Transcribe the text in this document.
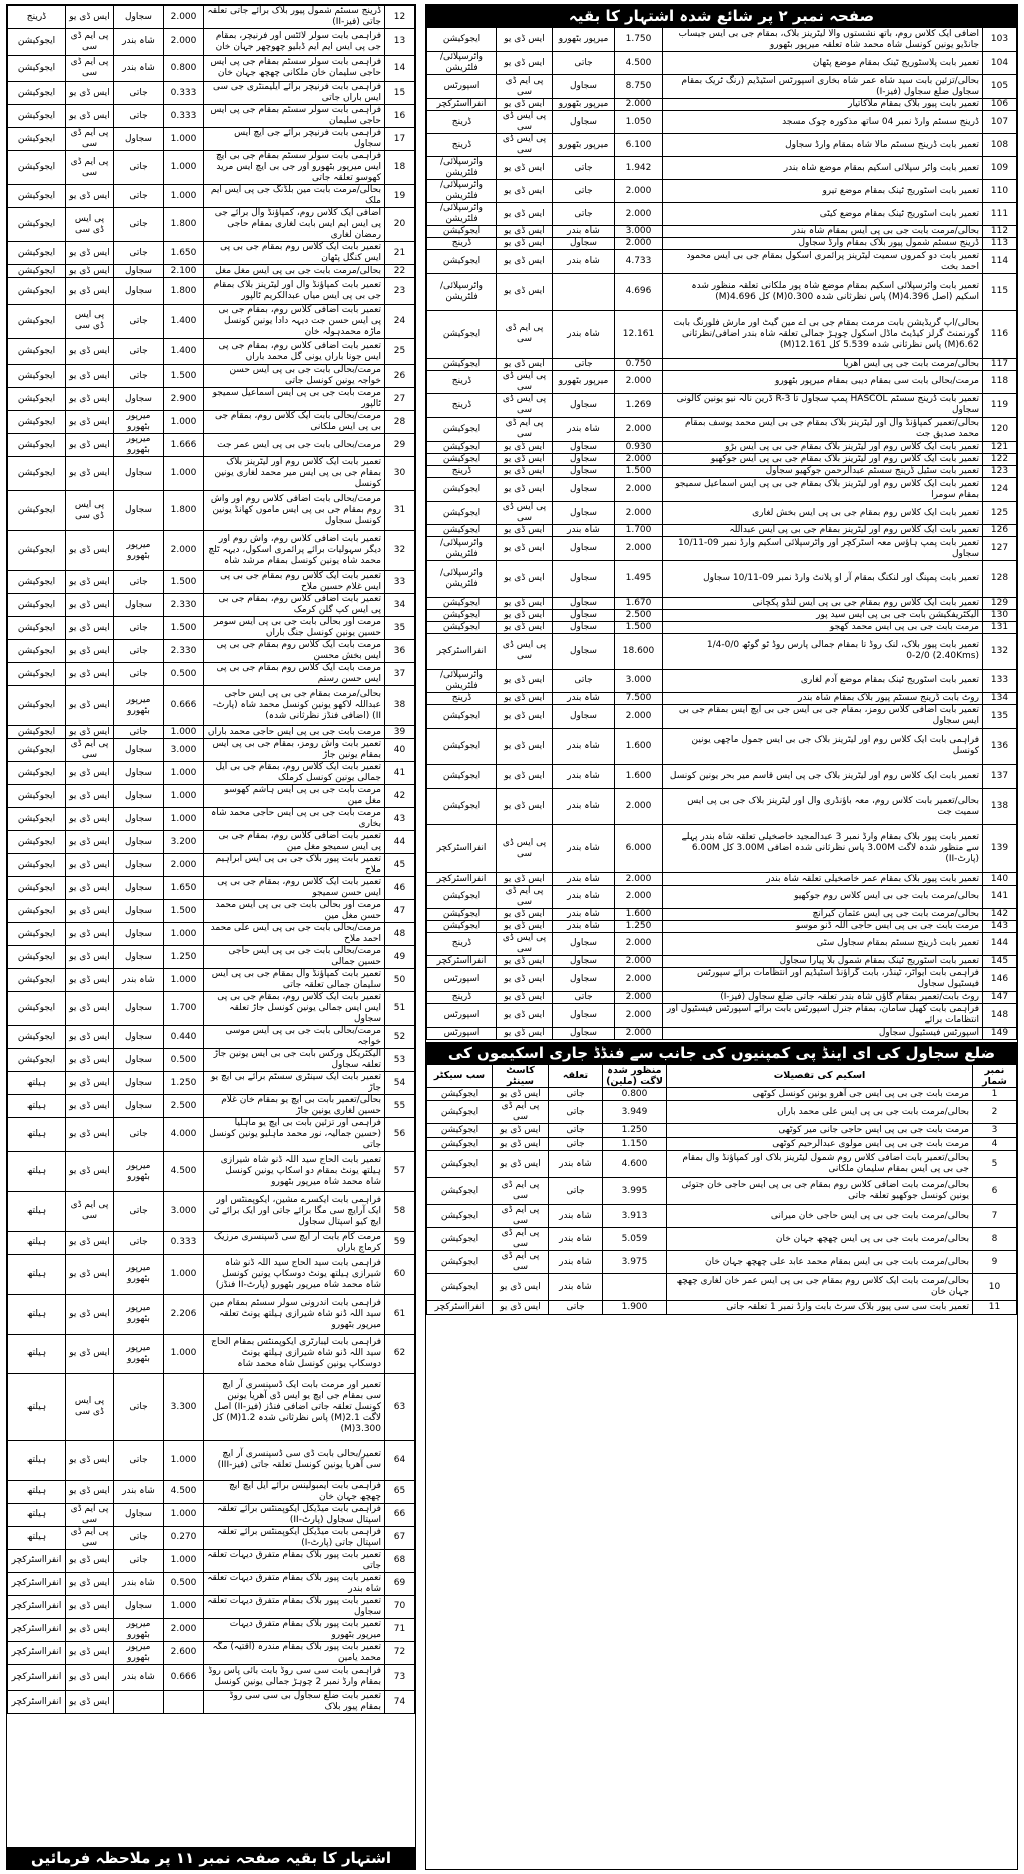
صفحہ نمبر ۲ پر شائع شدہ اشتہار کا بقیہ
103	اضافی ایک کلاس روم، باتھ نشستوں والا لیٹرینز بلاک، بمقام جی بی ایس جیساب جانڈیو یونین کونسل شاہ محمد شاہ تعلقہ میرپور بٹھورو	1.750	میرپور بٹھورو	ایس ڈی یو	ایجوکیشن
104	تعمیر بابت پلاسٹوریج ٹینک بمقام موضع پٹھان	4.500	جاتی	ایس ڈی یو	واٹرسپلائی/فلٹریشن
105	بحالی/تزئین بابت سید شاہ عمر شاہ بخاری اسپورٹس اسٹیڈیم (رنگ ٹریک بمقام سجاول ضلع سجاول (فیز-I)	8.750	سجاول	پی ایم ڈی سی	اسپورٹس
106	تعمیر بابت پیور بلاک بمقام ملاکاتیار	2.000	میرپور بٹھورو	ایس ڈی یو	انفرااسٹرکچر
107	ڈرینج سسٹم وارڈ نمبر 04 ساتھ مذکورہ چوک مسجد	1.050	سجاول	پی ایس ڈی سی	ڈرینج
108	تعمیر بابت ڈرینج سسٹم مالا شاہ بمقام وارڈ سجاول	6.100	میرپور بٹھورو	پی ایس ڈی سی	ڈرینج
109	تعمیر بابت واٹر سپلائی اسکیم بمقام موضع شاہ بندر	1.942	جاتی	ایس ڈی یو	واٹرسپلائی/فلٹریشن
110	تعمیر بابت اسٹوریج ٹینک بمقام موضع تیرو	2.000	جاتی	ایس ڈی یو	واٹرسپلائی/فلٹریشن
111	تعمیر بابت اسٹوریج ٹینک بمقام موضع کیٹی	2.000	جاتی	ایس ڈی یو	واٹرسپلائی/فلٹریشن
112	بحالی/مرمت بابت جی بی پی ایس بمقام شاہ بندر	3.000	شاہ بندر	ایس ڈی یو	ایجوکیشن
113	ڈرینج سسٹم شمول پیور بلاک بمقام وارڈ سجاول	2.000	سجاول	ایس ڈی یو	ڈرینج
114	تعمیر بابت دو کمروں سمیت لیٹرینز پرائمری اسکول بمقام جی بی ایس محمود احمد بخت	4.733	شاہ بندر	ایس ڈی یو	ایجوکیشن
115	تعمیر بابت واٹرسپلائی اسکیم بمقام موضع شاہ پور ملکانی تعلقہ منظور شدہ اسکیم (اصل 4.396(M) پاس نظرثانی شدہ 0.300(M) کل 4.696(M)	4.696		ایس ڈی یو	واٹرسپلائی/فلٹریشن
116	بحالی/اپ گریڈیشن بابت مرمت بمقام جی بی اے مین گیٹ اور مارش فلورنگ بابت گورنمنٹ گرلز کیڈیٹ ماڈل اسکول چوہڑ جمالی تعلقہ شاہ بندر اضافی/نظرثانی 6.62(M) پاس نظرثانی شدہ 5.539 کل 12.161(M)	12.161	شاہ بندر	پی ایم ڈی سی	ایجوکیشن
117	بحالی/مرمت بابت جی پی ایس آھریا	0.750	جاتی	ایس ڈی یو	ایجوکیشن
118	مرمت/بحالی بابت سی بمقام دیبی بمقام میرپور بٹھورو	2.000	میرپور بٹھورو	پی ایس ڈی سی	ڈرینج
119	تعمیر بابت ڈرینج سسٹم HASCOL پمپ سجاول تا R-3 ڈرین نالہ نیو یونین کالونی سجاول	1.269	سجاول	پی ایس ڈی سی	ڈرینج
120	بحالی/تعمیر کمپاؤنڈ وال اور لیٹرینز بلاک بمقام جی بی ایس محمد یوسف بمقام محمد صدیق جت	2.000	شاہ بندر	پی ایم ڈی سی	ایجوکیشن
121	تعمیر بابت ایک کلاس روم اور لیٹرینز بلاک بمقام جی بی پی ایس بڑو	0.930	سجاول	ایس ڈی یو	ایجوکیشن
122	تعمیر بابت ایک کلاس روم اور لیٹرینز بلاک بمقام جی بی پی ایس جوکھیو	2.000	سجاول	ایس ڈی یو	ایجوکیشن
123	تعمیر بابت سٹیل ڈرینج سسٹم عبدالرحمن جوکھیو سجاول	1.500	سجاول	ایس ڈی یو	ڈرینج
124	تعمیر بابت ایک کلاس روم اور لیٹرینز بلاک بمقام جی بی پی ایس اسماعیل سمیجو بمقام سومرا	2.000	سجاول	ایس ڈی یو	ایجوکیشن
125	تعمیر بابت ایک کلاس روم بمقام جی بی پی ایس بخش لغاری	2.000	سجاول	پی ایس ڈی سی	ایجوکیشن
126	تعمیر بابت ایک کلاس روم اور لیٹرینز بمقام جی بی پی ایس عبداللہ	1.700	شاہ بندر	ایس ڈی یو	ایجوکیشن
127	تعمیر بابت پمپ ہاؤس معہ اسٹرکچر اور واٹرسپلائی اسکیم وارڈ نمبر 09-10/11 سجاول	2.000	سجاول	ایس ڈی یو	واٹرسپلائی/فلٹریشن
128	تعمیر بابت پمپنگ اور لنکنگ بمقام آر او پلانٹ وارڈ نمبر 09-10/11 سجاول	1.495	سجاول	ایس ڈی یو	واٹرسپلائی/فلٹریشن
129	تعمیر بابت ایک کلاس روم بمقام جی بی پی ایس لنڈو پکچانی	1.670	سجاول	ایس ڈی یو	ایجوکیشن
130	الیکٹریفکیشن بابت جی بی پی ایس سید پور	2.500	سجاول	ایس ڈی یو	ایجوکیشن
131	مرمت بابت جی بی پی ایس محمد کھجو	1.500	سجاول	ایس ڈی یو	ایجوکیشن
132	تعمیر بابت پیور بلاک، لنک روڈ تا بمقام جمالی پارس روڈ ٹو گوٹھ 0/0-1/4 (2.40Kms) 0-2/0	18.600	سجاول	پی ایس ڈی سی	انفرااسٹرکچر
133	تعمیر بابت اسٹوریج ٹینک بمقام موضع آدم لغاری	3.000	جاتی	ایس ڈی یو	واٹرسپلائی/فلٹریشن
134	روٹ بابت ڈرینج سسٹم پیور بلاک بمقام شاہ بندر	7.500	شاہ بندر	ایس ڈی یو	ڈرینج
135	تعمیر بابت اضافی کلاس رومز، بمقام جی بی ایس جی بی ایچ ایس بمقام جی بی ایس سجاول	2.000	سجاول	ایس ڈی یو	ایجوکیشن
136	فراہمی بابت ایک کلاس روم اور لیٹرینز بلاک جی بی ایس جمول ماچھی یونین کونسل	1.600	شاہ بندر	ایس ڈی یو	ایجوکیشن
137	تعمیر بابت ایک کلاس روم اور لیٹرینز بلاک جی پی ایس قاسم میر بحر یونین کونسل	1.600	شاہ بندر	ایس ڈی یو	ایجوکیشن
138	بحالی/تعمیر بابت کلاس روم، معہ باؤنڈری وال اور لیٹرینز بلاک جی بی پی ایس سمیت جت	2.000	شاہ بندر	ایس ڈی یو	ایجوکیشن
139	تعمیر بابت پیور بلاک بمقام وارڈ نمبر 3 عبدالمجید خاصخیلی تعلقہ شاہ بندر پہلے سے منظور شدہ لاگت 3.00M پاس نظرثانی شدہ اضافی 3.00M کل 6.00M (پارٹ-II)	6.000	شاہ بندر	پی ایس ڈی سی	انفرااسٹرکچر
140	تعمیر بابت پیور بلاک بمقام عمر خاصخیلی تعلقہ شاہ بندر	2.000	شاہ بندر	ایس ڈی یو	انفرااسٹرکچر
141	بحالی/مرمت بابت جی بی ایس کلاس روم جوکھیو	2.000	شاہ بندر	پی ایم ڈی سی	ایجوکیشن
142	بحالی/مرمت بابت جی پی ایس عثمان کیرانچ	1.600	شاہ بندر	ایس ڈی یو	ایجوکیشن
143	مرمت بابت جی بی پی ایس حاجی اللہ ڈنو موسو	1.250	شاہ بندر	ایس ڈی یو	ایجوکیشن
144	تعمیر بابت ڈرینج سسٹم بمقام سجاول سٹی	2.000	سجاول	پی ایس ڈی سی	ڈرینج
145	تعمیر بابت اسٹوریج ٹینک بمقام شمول بلا پیارا سجاول	2.000	سجاول	ایس ڈی یو	انفرااسٹرکچر
146	فراہمی بابت ایواٹر، ٹینڈر، بابت گراؤنڈ اسٹیڈیم اور انتظامات برائے سپورٹس فیسٹیول سجاول	2.000	سجاول	ایس ڈی یو	اسپورٹس
147	روٹ بابت/تعمیر بمقام گاؤں شاہ بندر تعلقہ جاتی ضلع سجاول (فیز-I)	2.000	جاتی	ایس ڈی یو	ڈرینج
148	فراہمی بابت کھیل سامان، بمقام جنرل اسپورٹس بابت برائے اسپورٹس فیسٹیول اور انتظامات برائے	2.000	سجاول	ایس ڈی یو	اسپورٹس
149	اسپورٹس فیسٹیول سجاول	2.000	سجاول	ایس ڈی یو	اسپورٹس
ضلع سجاول کی ای اینڈ پی کمپنیوں کی جانب سے فنڈڈ جاری اسکیموں کی تفصیلات	نمبر شمار	اسکیم کی تفصیلات	منظور شدہ لاگت (ملین)	تعلقہ	کاسٹ سینٹر	سب سیکٹر
1	مرمت بابت جی بی پی ایس جی آھرو یونین کونسل کوٹھی	0.800	جاتی	ایس ڈی یو	ایجوکیشن
2	بحالی/مرمت بابت جی بی پی ایس علی محمد باراں	3.949	جاتی	پی ایم ڈی سی	ایجوکیشن
3	مرمت بابت جی بی پی ایس حاجی جانی میر کوٹھی	1.250	جاتی	ایس ڈی یو	ایجوکیشن
4	مرمت بابت جی بی پی ایس مولوی عبدالرحیم کوٹھی	1.150	جاتی	ایس ڈی یو	ایجوکیشن
5	بحالی/تعمیر بابت اضافی کلاس روم شمول لیٹرینز بلاک اور کمپاؤنڈ وال بمقام جی بی پی ایس بمقام سلیمان ملکانی	4.600	شاہ بندر	ایس ڈی یو	ایجوکیشن
6	بحالی/مرمت بابت اضافی کلاس روم بمقام جی بی پی ایس حاجی خان جتوئی یونین کونسل جوکھیو تعلقہ جاتی	3.995	جاتی	پی ایم ڈی سی	ایجوکیشن
7	بحالی/مرمت بابت جی بی پی ایس حاجی خان میرانی	3.913	شاہ بندر	پی ایم ڈی سی	ایجوکیشن
8	بحالی/مرمت بابت جی بی پی ایس چھچھ جہان خان	5.059	شاہ بندر	پی ایم ڈی سی	ایجوکیشن
9	بحالی/مرمت بابت جی بی ایس بمقام محمد عابد علی چھچھ جہان خان	3.975	شاہ بندر	پی ایم ڈی سی	ایجوکیشن
10	بحالی/مرمت بابت ایک کلاس روم بمقام جی بی پی ایس عمر خان لغاری چھچھ جہان خان		شاہ بندر	ایس ڈی یو	ایجوکیشن
11	تعمیر بابت سی سی پیور بلاک سرٹ بابت وارڈ نمبر 1 تعلقہ جاتی	1.900	جاتی	ایس ڈی یو	انفرااسٹرکچر
12	ڈرینج سسٹم شمول پیور بلاک برائے جاتی تعلقہ جاتی (فیز-II)	2.000	سجاول	ایس ڈی یو	ڈرینج
13	فراہمی بابت سولر لائٹس اور فرنیچر، بمقام جی پی ایس ایم ایم ڈبلیو چھوچھر جہان خان	2.000	شاہ بندر	پی ایم ڈی سی	ایجوکیشن
14	فراہمی بابت سولر سسٹم بمقام جی پی ایس حاجی سلیمان خان ملکانی چھچھ جہان خان	0.800	شاہ بندر	پی ایم ڈی سی	ایجوکیشن
15	فراہمی بابت فرنیچر برائے ایلیمنٹری جی سی ایس باراں جاتی	0.333	جاتی	ایس ڈی یو	ایجوکیشن
16	فراہمی بابت سولر سسٹم بمقام جی پی ایس حاجی سلیمان	0.333	جاتی	ایس ڈی یو	ایجوکیشن
17	فراہمی بابت فرنیچر برائے جی ایچ ایس سجاول	1.000	سجاول	پی ایم ڈی سی	ایجوکیشن
18	فراہمی بابت سولر سسٹم بمقام جی بی ایچ ایس میرپور بٹھورو اور جی بی ایچ ایس مرید کھوسو تعلقہ جاتی	1.000	جاتی	پی ایم ڈی سی	ایجوکیشن
19	بحالی/مرمت بابت مین بلڈنگ جی پی ایس ایم ملک	1.000	جاتی	ایس ڈی یو	ایجوکیشن
20	اضافی ایک کلاس روم، کمپاؤنڈ وال برائے جی پی ایس ایم ایس بابت لغاری بمقام حاجی رمضان لغاری	1.800	جاتی	پی ایس ڈی سی	ایجوکیشن
21	تعمیر بابت ایک کلاس روم بمقام جی بی پی ایس کنگل پٹھان	1.650	جاتی	ایس ڈی یو	ایجوکیشن
22	بحالی/مرمت بابت جی بی پی ایس مغل مغل	2.100	سجاول	ایس ڈی یو	ایجوکیشن
23	تعمیر بابت کمپاؤنڈ وال اور لیٹرینز بلاک بمقام جی بی پی ایس میاں عبدالکریم ٹالپور	1.800	سجاول	ایس ڈی یو	ایجوکیشن
24	تعمیر بابت اضافی کلاس روم، بمقام جی بی پی ایس حسن جت دیہہ دادا یونین کونسل ماڑہ محمدہولہ خان	1.400	جاتی	پی ایس ڈی سی	ایجوکیشن
25	تعمیر بابت اضافی کلاس روم، بمقام جی پی ایس جونا باراں یونی گل محمد باراں	1.400	جاتی	ایس ڈی یو	ایجوکیشن
26	مرمت/بحالی بابت جی بی پی ایس حسن خواجہ یونین کونسل جاتی	1.500	جاتی	ایس ڈی یو	ایجوکیشن
27	مرمت بابت جی بی پی ایس اسماعیل سمیجو ٹالپور	2.900	سجاول	ایس ڈی یو	ایجوکیشن
28	مرمت/بحالی بابت ایک کلاس روم، بمقام جی بی پی ایس ملکانی	1.000	میرپور بٹھورو	ایس ڈی یو	ایجوکیشن
29	مرمت/بحالی بابت جی بی پی ایس عمر جت	1.666	میرپور بٹھورو	ایس ڈی یو	ایجوکیشن
30	تعمیر بابت ایک کلاس روم اور لیٹرینز بلاک بمقام جی بی پی ایس میر محمد لغاری یونین کونسل	1.000	سجاول	ایس ڈی یو	ایجوکیشن
31	مرمت/بحالی بابت اضافی کلاس روم اور واش روم بمقام جی بی پی ایس ماموں کھانڈ یونین کونسل سجاول	1.800	سجاول	پی ایس ڈی سی	ایجوکیشن
32	تعمیر بابت اضافی کلاس روم، واش روم اور دیگر سہولیات برائے پرائمری اسکول، دیہہ ٹلچ محمد شاہ یونین کونسل بمقام مرشد شاہ	2.000	میرپور بٹھورو	ایس ڈی یو	ایجوکیشن
33	تعمیر بابت ایک کلاس روم بمقام جی بی پی ایس غلام حسین ملاح	1.500	جاتی	ایس ڈی یو	ایجوکیشن
34	تعمیر بابت اضافی کلاس روم، بمقام جی بی پی ایس کپ گلن کرمک	2.330	سجاول	ایس ڈی یو	ایجوکیشن
35	مرمت اور بحالی بابت جی بی پی ایس سومر حسین یونین کونسل جنگ باراں	1.500	جاتی	ایس ڈی یو	ایجوکیشن
36	مرمت بابت ایک کلاس روم بمقام جی بی پی ایس بخش محسن	2.330	جاتی	ایس ڈی یو	ایجوکیشن
37	مرمت بابت ایک کلاس روم بمقام جی بی پی ایس حسن رستم	0.500	جاتی	ایس ڈی یو	ایجوکیشن
38	بحالی/مرمت بمقام جی بی پی ایس حاجی عبداللہ لاکھو یونین کونسل محمد شاہ (پارٹ-II) (اضافی فنڈز نظرثانی شدہ)	0.666	میرپور بٹھورو	ایس ڈی یو	ایجوکیشن
39	مرمت بابت جی بی پی ایس حاجی محمد باراں	1.000	جاتی	ایس ڈی یو	ایجوکیشن
40	تعمیر بابت واش رومز، بمقام جی بی پی ایس بمقام یونین جاڑ	3.000	سجاول	پی ایم ڈی سی	ایجوکیشن
41	تعمیر بابت ایک کلاس روم، بمقام جی بی ایل جمالی یونین کونسل کرملک	1.000	سجاول	ایس ڈی یو	ایجوکیشن
42	مرمت بابت جی بی پی ایس ہاشم کھوسو مغل مین	1.000	سجاول	ایس ڈی یو	ایجوکیشن
43	مرمت بابت جی بی پی ایس حاجی محمد شاہ بخاری	1.000	سجاول	ایس ڈی یو	ایجوکیشن
44	تعمیر بابت اضافی کلاس روم، بمقام جی بی پی ایس سمیجو مغل مین	3.200	سجاول	ایس ڈی یو	ایجوکیشن
45	تعمیر بابت پیور بلاک جی بی پی ایس ابراہیم ملاح	2.000	سجاول	ایس ڈی یو	ایجوکیشن
46	تعمیر بابت ایک کلاس روم، بمقام جی بی پی ایس حسن سمیجو	1.650	سجاول	ایس ڈی یو	ایجوکیشن
47	مرمت اور بحالی بابت جی بی پی ایس محمد حسن مغل مین	1.500	سجاول	ایس ڈی یو	ایجوکیشن
48	مرمت/بحالی بابت جی بی پی ایس علی محمد احمد ملاح	1.000	سجاول	ایس ڈی یو	ایجوکیشن
49	مرمت/بحالی بابت جی بی پی ایس حاجی حسین جمالی	1.250	سجاول	ایس ڈی یو	ایجوکیشن
50	تعمیر بابت کمپاؤنڈ وال بمقام جی بی پی ایس سلیمان جمالی تعلقہ جاتی	1.000	شاہ بندر	ایس ڈی یو	ایجوکیشن
51	تعمیر بابت ایک کلاس روم، بمقام جی بی پی ایس ایس جمالی یونین کونسل جاڑ تعلقہ سجاول	1.700	سجاول	ایس ڈی یو	ایجوکیشن
52	مرمت/بحالی بابت جی بی پی ایس موسی خواجہ	0.440	سجاول	ایس ڈی یو	ایجوکیشن
53	الیکٹریکل ورکس بابت جی بی ایس یونین جاڑ تعلقہ سجاول	0.500	سجاول	ایس ڈی یو	ایجوکیشن
54	تعمیر بابت ایک سینٹری سسٹم برائے بی ایچ یو جاڑ	1.250	سجاول	ایس ڈی یو	ہیلتھ
55	بحالی/تعمیر بابت بی ایچ یو بمقام خان غلام حسین لغاری یونین جاڑ	2.500	سجاول	ایس ڈی یو	ہیلتھ
56	فراہمی اور تزئین بابت بی ایچ یو ماہلیا (حسین جمالیہ، نور محمد ماہلیو یونین کونسل جاتی	4.000	جاتی	ایس ڈی یو	ہیلتھ
57	تعمیر بابت الحاج سید اللہ ڈنو شاہ شیرازی ہیلتھ یونٹ بمقام دو اسکاپ یونین کونسل شاہ محمد شاہ میرپور بٹھورو	4.500	میرپور بٹھورو	ایس ڈی یو	ہیلتھ
58	فراہمی بابت ایکسرے مشین، ایکوپمنٹس اور ایک آرایچ سی مگا برائے جاتی اور ایک برائے ٹی ایچ کیو اسپتال سجاول	3.000	جاتی	پی ایم ڈی سی	ہیلتھ
59	مرمت کام بابت آر ایچ سی ڈسپنسری مرزیک کرماچ باراں	0.333	جاتی	ایس ڈی یو	ہیلتھ
60	فراہمی بابت سید الحاج سید اللہ ڈنو شاہ شیرازی ہیلتھ یونٹ دوسکاپ یونین کونسل شاہ محمد شاہ میرپور بٹھورو (پارٹ-II فنڈز)	1.000	میرپور بٹھورو	ایس ڈی یو	ہیلتھ
61	فراہمی بابت اندرونی سولر سسٹم بمقام مین سید اللہ ڈنو شاہ شیرازی ہیلتھ یونٹ تعلقہ میرپور بٹھورو	2.206	میرپور بٹھورو	ایس ڈی یو	ہیلتھ
62	فراہمی بابت لیبارٹری ایکوپمنٹس بمقام الحاج سید اللہ ڈنو شاہ شیرازی ہیلتھ یونٹ دوسکاپ یونین کونسل شاہ محمد شاہ	1.000	میرپور بٹھورو	ایس ڈی یو	ہیلتھ
63	تعمیر اور مرمت بابت ایک ڈسپنسری آر ایچ سی بمقام جی ایچ یو ایس ڈی آھریا یونین کونسل تعلقہ جاتی اضافی فنڈز (فیز-II) اصل لاگت 2.1(M) پاس نظرثانی شدہ 1.2(M) کل 3.300(M)	3.300	جاتی	پی ایس ڈی سی	ہیلتھ
64	تعمیر/بحالی بابت ڈی سی ڈسپنسری آر ایچ سی آھریا یونین کونسل تعلقہ جاتی (فیز-III)	1.000	جاتی	ایس ڈی یو	ہیلتھ
65	فراہمی بابت ایمبولینس برائے ایل ایچ ایچ چھچھ جہان خان	4.500	شاہ بندر	ایس ڈی یو	ہیلتھ
66	فراہمی بابت میڈیکل ایکوپمنٹس برائے تعلقہ اسپتال سجاول (پارٹ-II)	1.000	سجاول	پی ایم ڈی سی	ہیلتھ
67	فراہمی بابت میڈیکل ایکوپمنٹس برائے تعلقہ اسپتال جاتی (پارٹ-I)	0.270	جاتی	پی ایم ڈی سی	ہیلتھ
68	تعمیر بابت پیور بلاک بمقام متفرق دیہات تعلقہ جاتی	1.000	جاتی	ایس ڈی یو	انفرااسٹرکچر
69	تعمیر بابت پیور بلاک بمقام متفرق دیہات تعلقہ شاہ بندر	0.500	شاہ بندر	ایس ڈی یو	انفرااسٹرکچر
70	تعمیر بابت پیور بلاک بمقام متفرق دیہات تعلقہ سجاول	1.000	سجاول	ایس ڈی یو	انفرااسٹرکچر
71	تعمیر بابت پیور بلاک بمقام متفرق دیہات میرپور بٹھورو	2.000	میرپور بٹھورو	ایس ڈی یو	انفرااسٹرکچر
72	تعمیر بابت پیور بلاک بمقام مندرہ (اقتیہ) مگہ محمد یامین	2.600	میرپور بٹھورو	ایس ڈی یو	انفرااسٹرکچر
73	فراہمی بابت سی سی روڈ بابت بائی پاس روڈ بمقام وارڈ نمبر 2 چوہڑ جمالی یونین کونسل	0.666	شاہ بندر	ایس ڈی یو	انفرااسٹرکچر
74	تعمیر بابت ضلع سجاول بی سی سی روڈ بمقام پیور بلاک			ایس ڈی یو	انفرااسٹرکچر
اشتہار کا بقیہ صفحہ نمبر ۱۱ پر ملاحظہ فرمائیں
